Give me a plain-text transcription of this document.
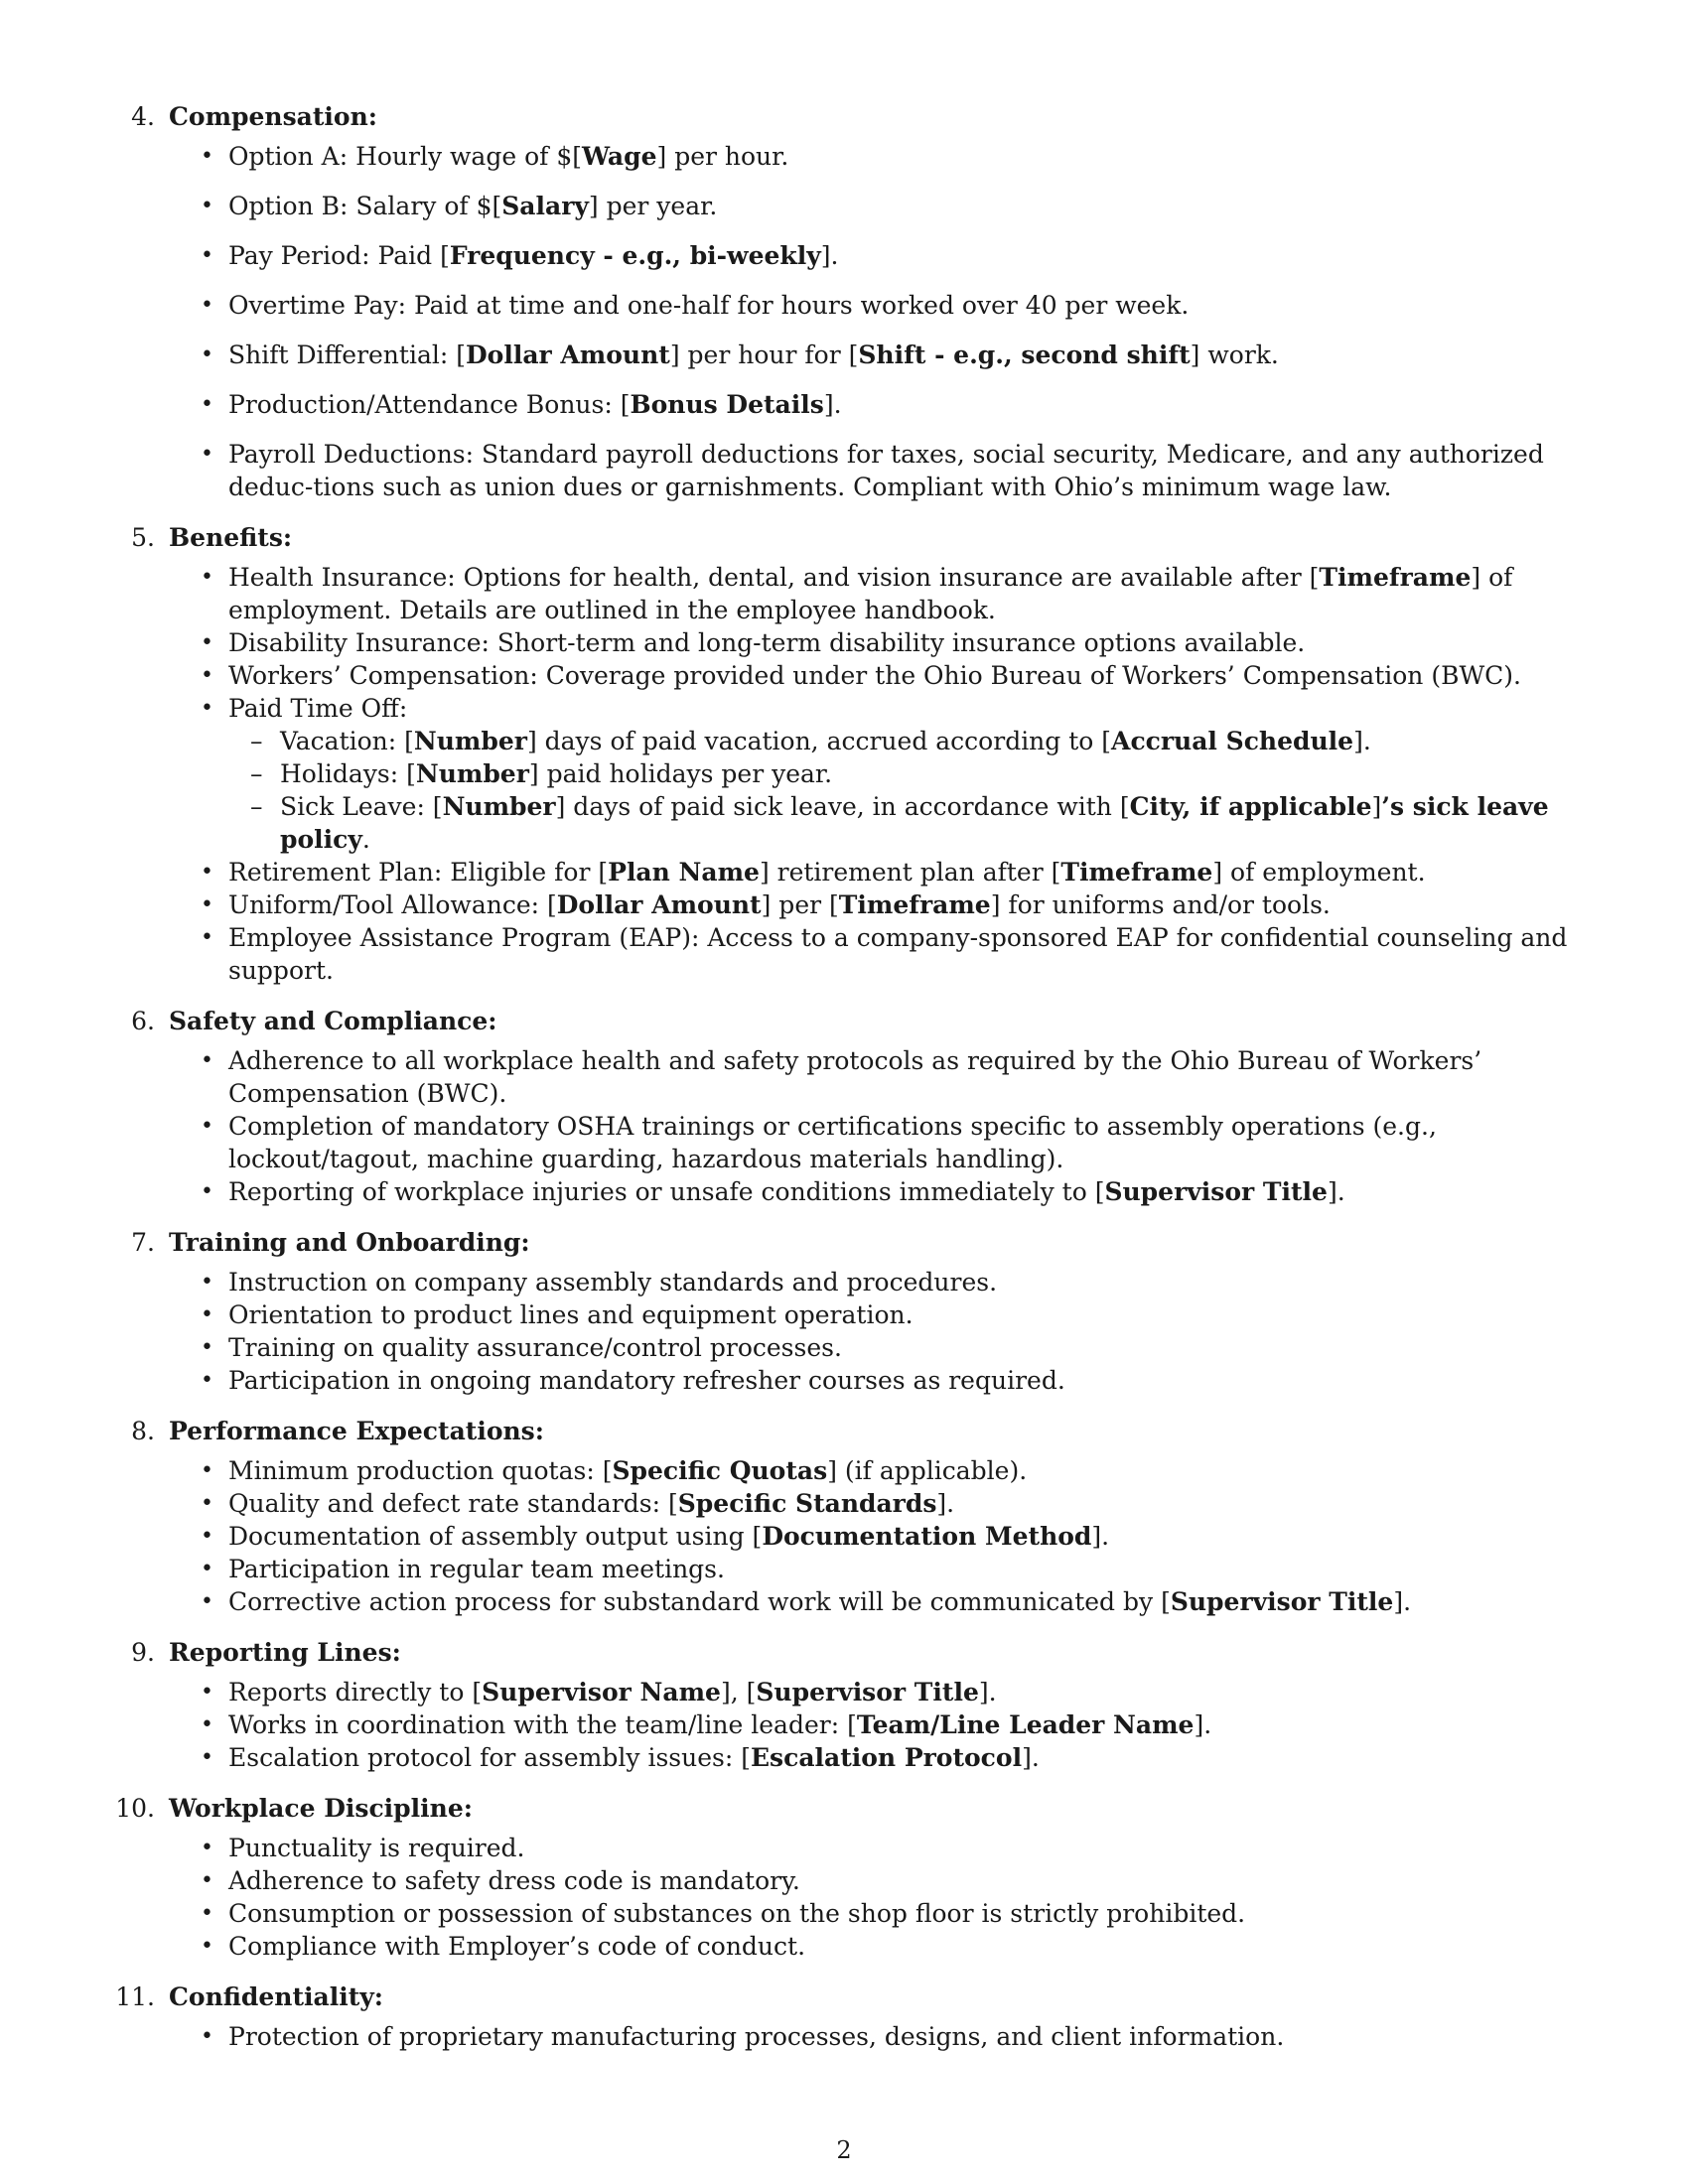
4. Compensation:
• Option A: Hourly wage of $[Wage] per hour.
• Option B: Salary of $[Salary] per year.
• Pay Period: Paid [Frequency - e.g., bi-weekly].
• Overtime Pay: Paid at time and one-half for hours worked over 40 per week.
• Shift Differential: [Dollar Amount] per hour for [Shift - e.g., second shift] work.
• Production/Attendance Bonus: [Bonus Details].
• Payroll Deductions: Standard payroll deductions for taxes, social security, Medicare, and any authorized deduc-tions such as union dues or garnishments. Compliant with Ohio’s minimum wage law.
5. Benefits:
• Health Insurance: Options for health, dental, and vision insurance are available after [Timeframe] of employment. Details are outlined in the employee handbook.
• Disability Insurance: Short-term and long-term disability insurance options available.
• Workers’ Compensation: Coverage provided under the Ohio Bureau of Workers’ Compensation (BWC).
• Paid Time Off:
– Vacation: [Number] days of paid vacation, accrued according to [Accrual Schedule].
– Holidays: [Number] paid holidays per year.
– Sick Leave: [Number] days of paid sick leave, in accordance with [City, if applicable]’s sick leave policy.
• Retirement Plan: Eligible for [Plan Name] retirement plan after [Timeframe] of employment.
• Uniform/Tool Allowance: [Dollar Amount] per [Timeframe] for uniforms and/or tools.
• Employee Assistance Program (EAP): Access to a company-sponsored EAP for confidential counseling and support.
6. Safety and Compliance:
• Adherence to all workplace health and safety protocols as required by the Ohio Bureau of Workers’ Compensation (BWC).
• Completion of mandatory OSHA trainings or certifications specific to assembly operations (e.g., lockout/tagout, machine guarding, hazardous materials handling).
• Reporting of workplace injuries or unsafe conditions immediately to [Supervisor Title].
7. Training and Onboarding:
• Instruction on company assembly standards and procedures.
• Orientation to product lines and equipment operation.
• Training on quality assurance/control processes.
• Participation in ongoing mandatory refresher courses as required.
8. Performance Expectations:
• Minimum production quotas: [Specific Quotas] (if applicable).
• Quality and defect rate standards: [Specific Standards].
• Documentation of assembly output using [Documentation Method].
• Participation in regular team meetings.
• Corrective action process for substandard work will be communicated by [Supervisor Title].
9. Reporting Lines:
• Reports directly to [Supervisor Name], [Supervisor Title].
• Works in coordination with the team/line leader: [Team/Line Leader Name].
• Escalation protocol for assembly issues: [Escalation Protocol].
10. Workplace Discipline:
• Punctuality is required.
• Adherence to safety dress code is mandatory.
• Consumption or possession of substances on the shop floor is strictly prohibited.
• Compliance with Employer’s code of conduct.
11. Confidentiality:
• Protection of proprietary manufacturing processes, designs, and client information.
2
